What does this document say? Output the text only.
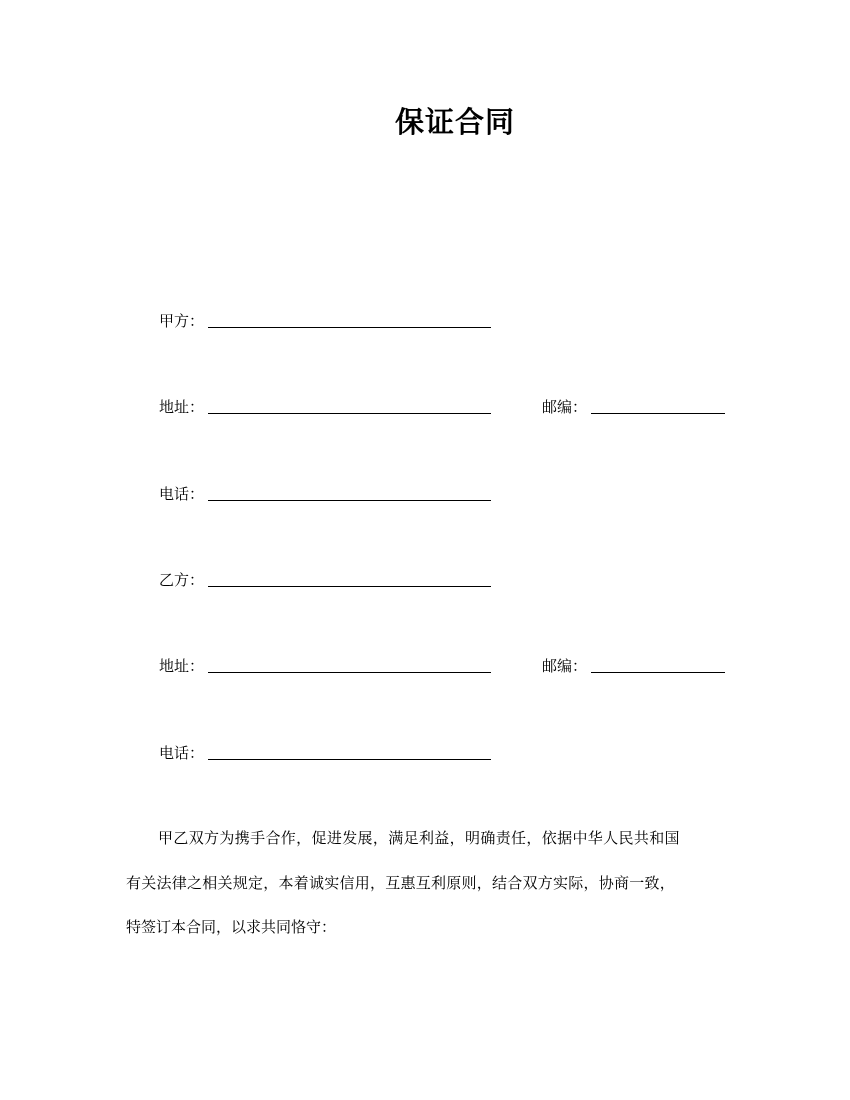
保证合同
甲方：
地址：	邮编：
电话：
乙方：
地址：	邮编：
电话：
甲乙双方为携手合作，促进发展，满足利益，明确责任，依据中华人民共和国
有关法律之相关规定，本着诚实信用，互惠互利原则，结合双方实际，协商一致，
特签订本合同，以求共同恪守：
